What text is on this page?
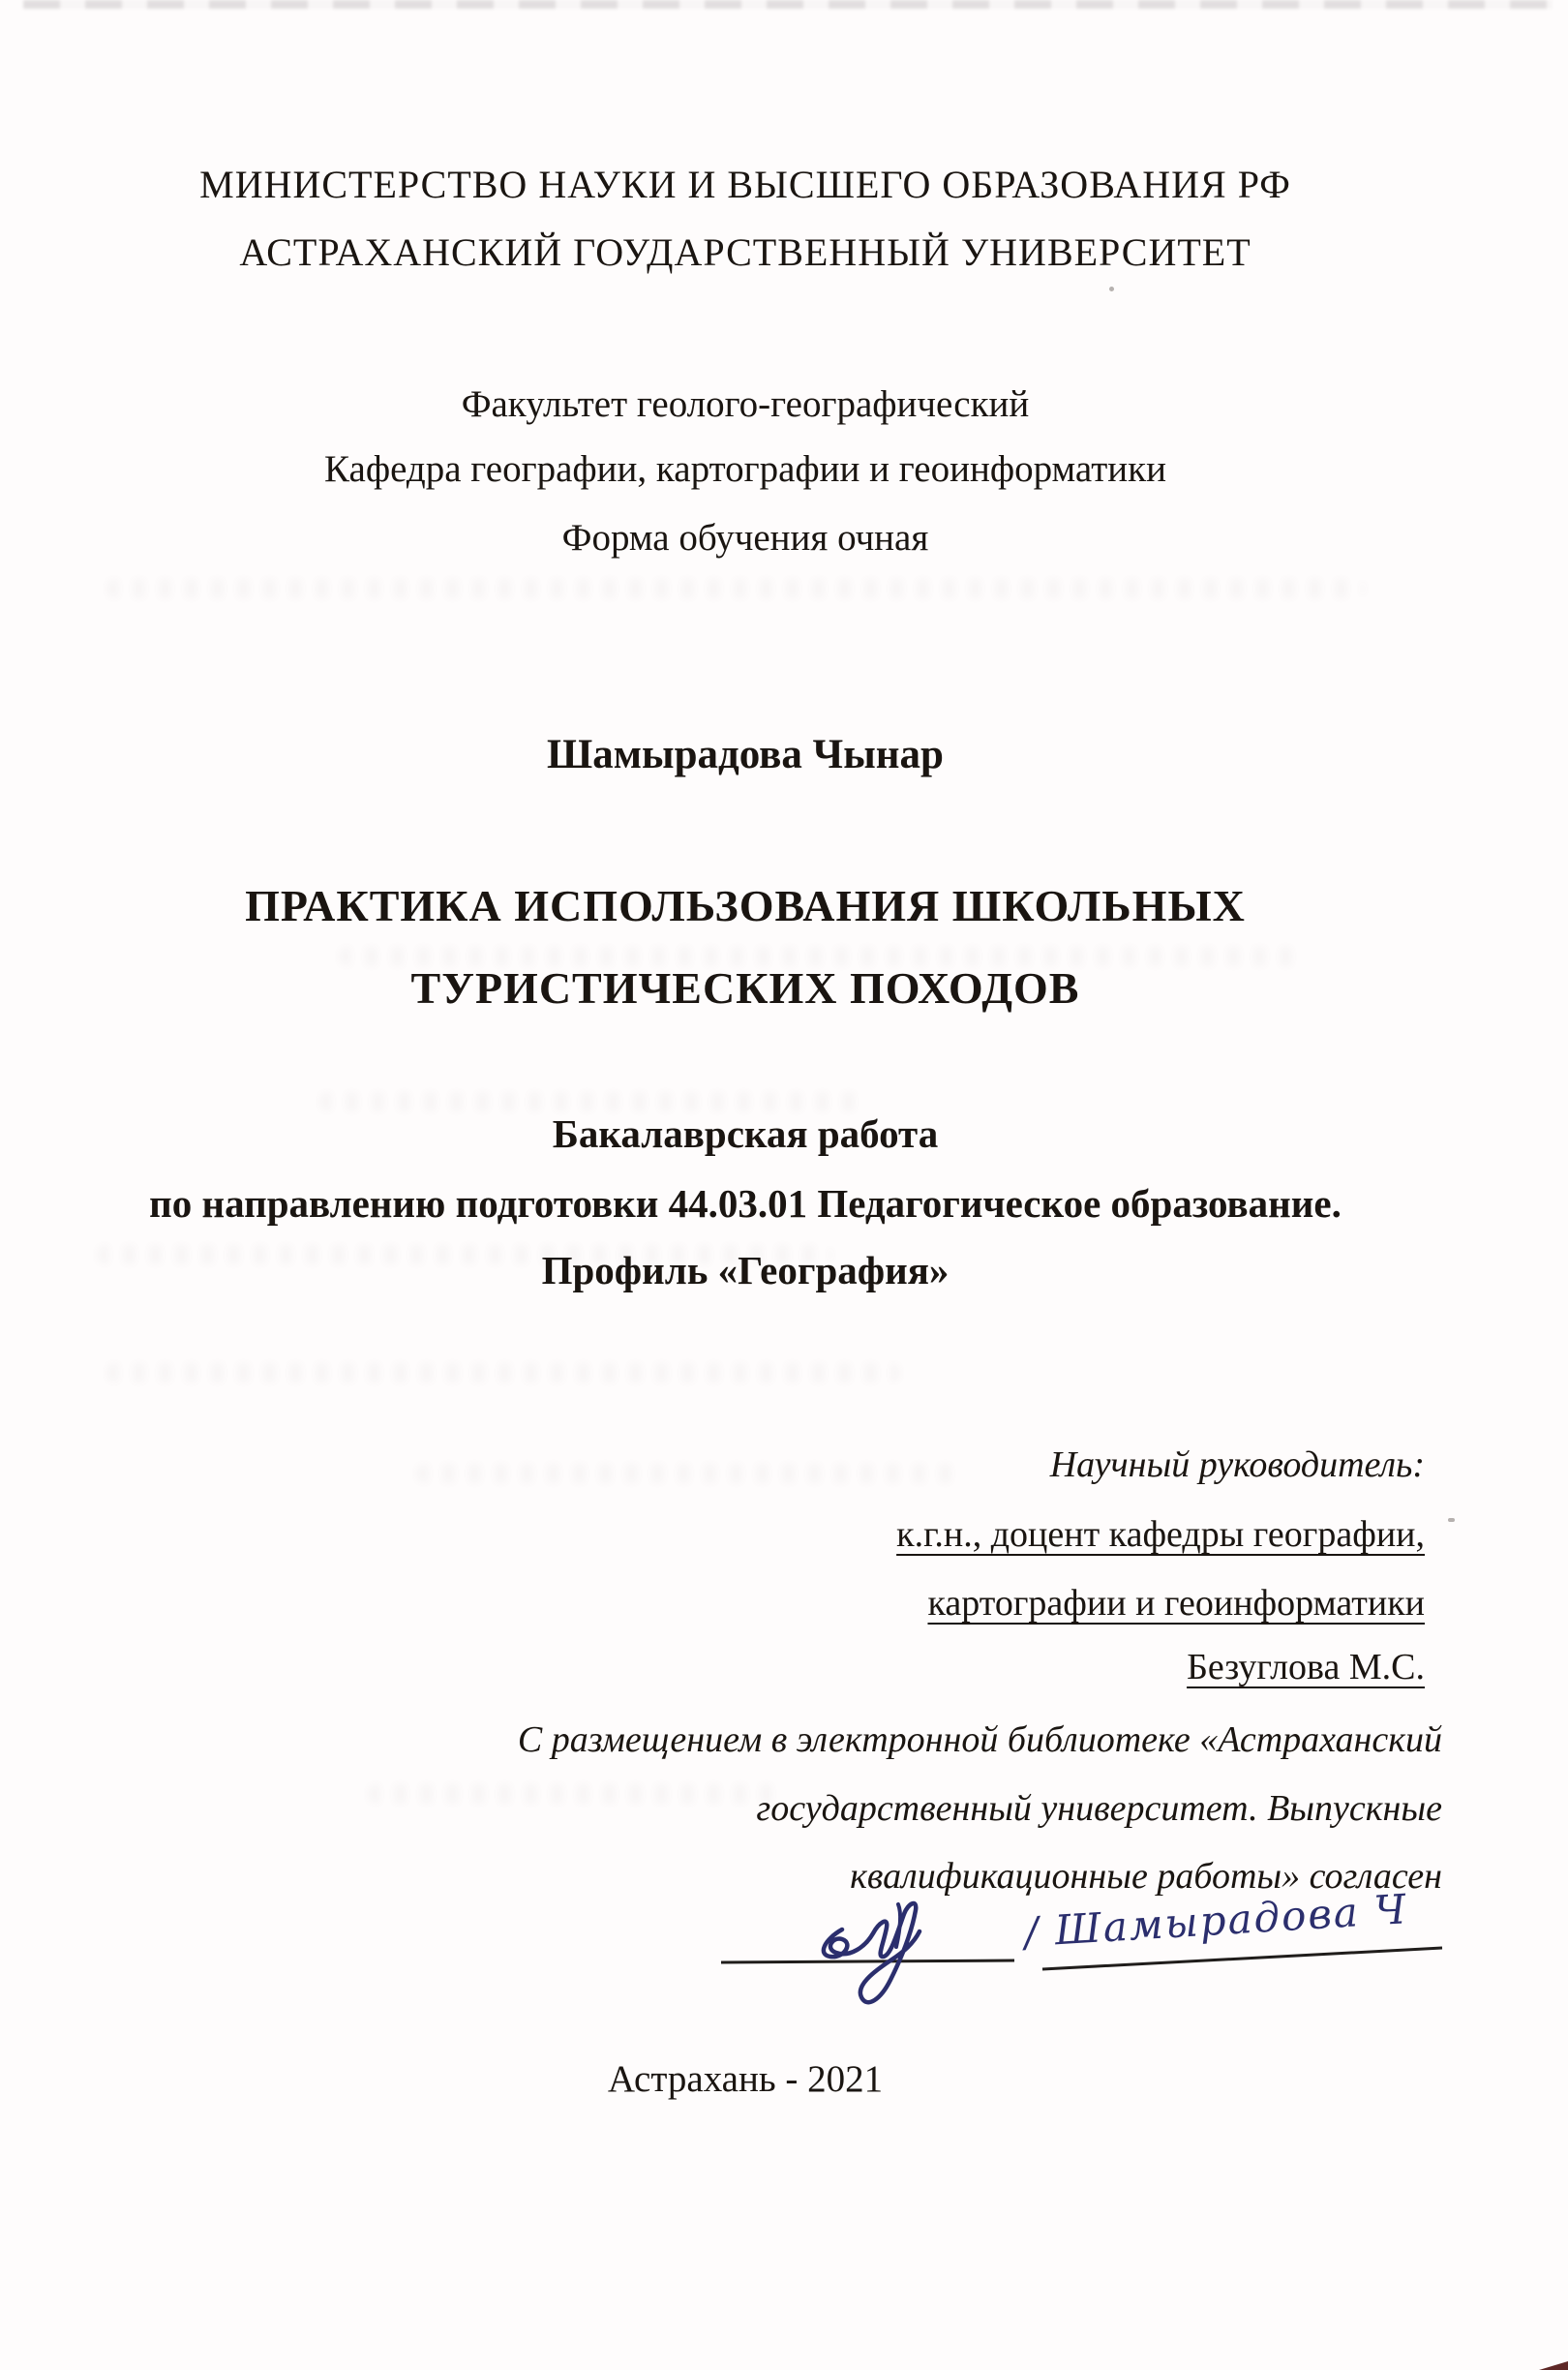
МИНИСТЕРСТВО НАУКИ И ВЫСШЕГО ОБРАЗОВАНИЯ РФ
АСТРАХАНСКИЙ ГОУДАРСТВЕННЫЙ УНИВЕРСИТЕТ
Факультет геолого-географический
Кафедра географии, картографии и геоинформатики
Форма обучения очная
Шамырадова Чынар
ПРАКТИКА ИСПОЛЬЗОВАНИЯ ШКОЛЬНЫХ
ТУРИСТИЧЕСКИХ ПОХОДОВ
Бакалаврская работа
по направлению подготовки 44.03.01 Педагогическое образование.
Профиль «География»
Научный руководитель:
к.г.н., доцент кафедры географии,
картографии и геоинформатики
Безуглова М.С.
С размещением в электронной библиотеке «Астраханский
государственный университет. Выпускные
квалификационные работы» согласен
/ Шамырадова Ч
Астрахань - 2021
